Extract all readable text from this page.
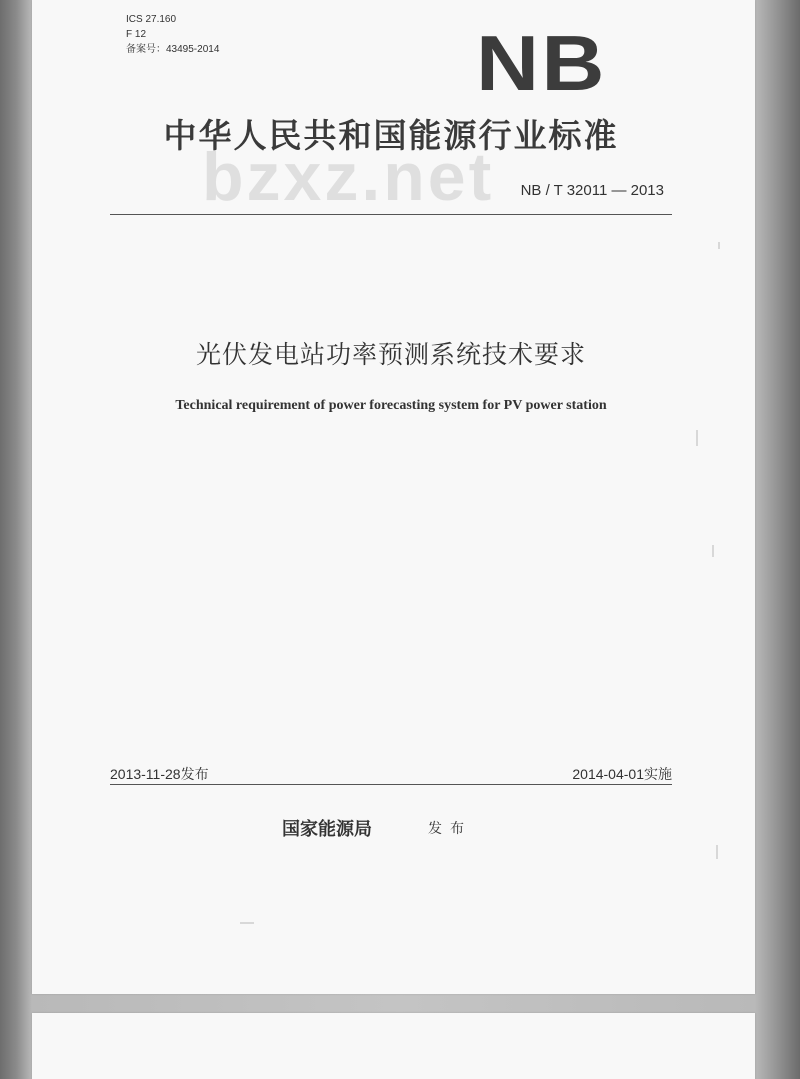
ICS 27.160
F 12
备案号：43495-2014	NB
中华人民共和国能源行业标准
bzxz.net	NB / T 32011 — 2013
光伏发电站功率预测系统技术要求
Technical requirement of power forecasting system for PV power station
2013-11-28发布	2014-04-01实施
国家能源局	发布
